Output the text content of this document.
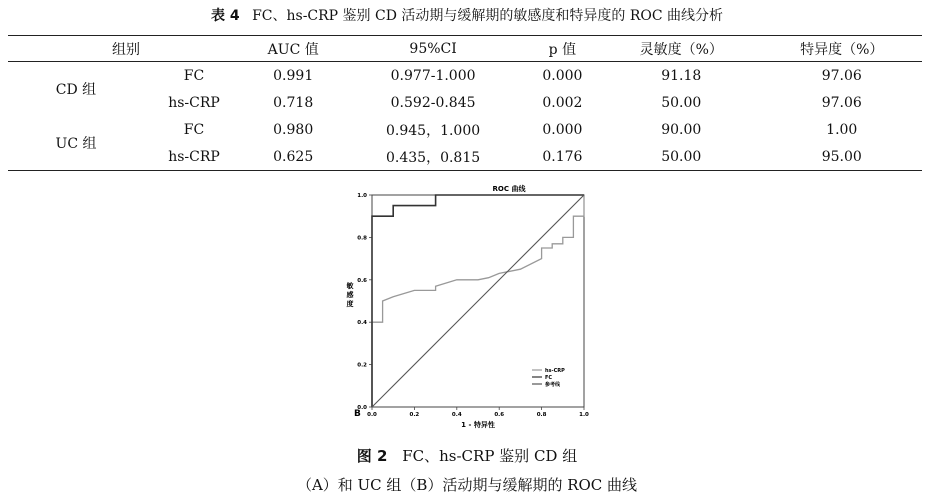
表 4 FC、hs-CRP 鉴别 CD 活动期与缓解期的敏感度和特异度的 ROC 曲线分析
组别		AUC 值	95%CI	p 值	灵敏度（%）	特异度（%）
CD 组	FC	0.991	0.977-1.000	0.000	91.18	97.06
	hs-CRP	0.718	0.592-0.845	0.002	50.00	97.06
UC 组	FC	0.980	0.945，1.000	0.000	90.00	1.00
	hs-CRP	0.625	0.435，0.815	0.176	50.00	95.00
ROC 曲线
0.0
0.2
0.4
0.6
0.8
1.0
0.0	0.2	0.4	0.6	0.8	1.0
敏
感
度
1 - 特异性
B
hs-CRP
FC
参考线
图 2 FC、hs-CRP 鉴别 CD 组
（A）和 UC 组（B）活动期与缓解期的 ROC 曲线
